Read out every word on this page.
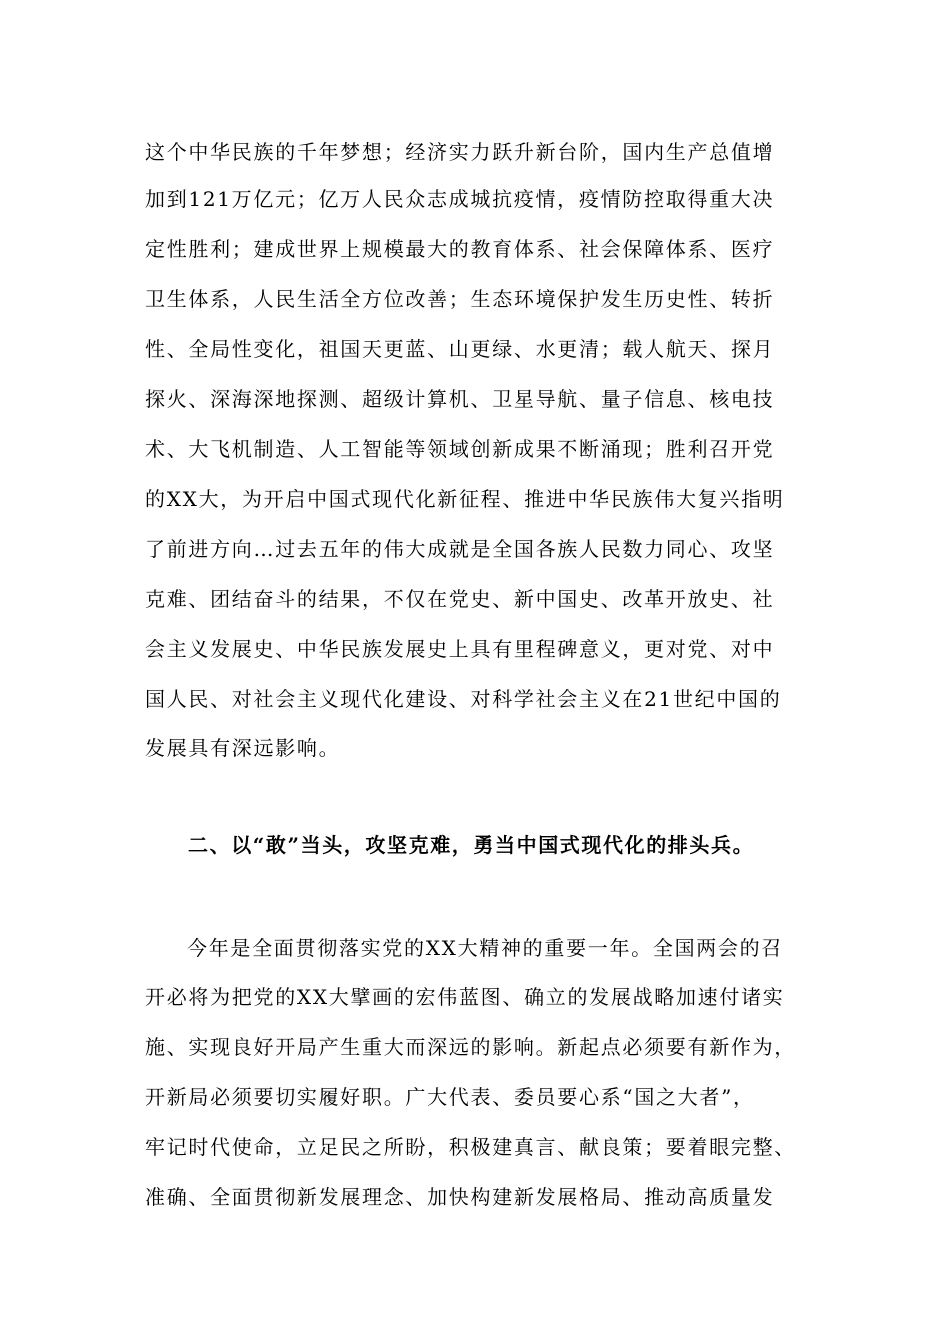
这个中华民族的千年梦想；经济实力跃升新台阶，国内生产总值增
加到121万亿元；亿万人民众志成城抗疫情，疫情防控取得重大决
定性胜利；建成世界上规模最大的教育体系、社会保障体系、医疗
卫生体系，人民生活全方位改善；生态环境保护发生历史性、转折
性、全局性变化，祖国天更蓝、山更绿、水更清；载人航天、探月
探火、深海深地探测、超级计算机、卫星导航、量子信息、核电技
术、大飞机制造、人工智能等领域创新成果不断涌现；胜利召开党
的XX大，为开启中国式现代化新征程、推进中华民族伟大复兴指明
了前进方向…过去五年的伟大成就是全国各族人民数力同心、攻坚
克难、团结奋斗的结果，不仅在党史、新中国史、改革开放史、社
会主义发展史、中华民族发展史上具有里程碑意义，更对党、对中
国人民、对社会主义现代化建设、对科学社会主义在21世纪中国的
发展具有深远影响。
二、以“敢”当头，攻坚克难，勇当中国式现代化的排头兵。
今年是全面贯彻落实党的XX大精神的重要一年。全国两会的召
开必将为把党的XX大擘画的宏伟蓝图、确立的发展战略加速付诸实
施、实现良好开局产生重大而深远的影响。新起点必须要有新作为，
开新局必须要切实履好职。广大代表、委员要心系“国之大者”，
牢记时代使命，立足民之所盼，积极建真言、献良策；要着眼完整、
准确、全面贯彻新发展理念、加快构建新发展格局、推动高质量发
